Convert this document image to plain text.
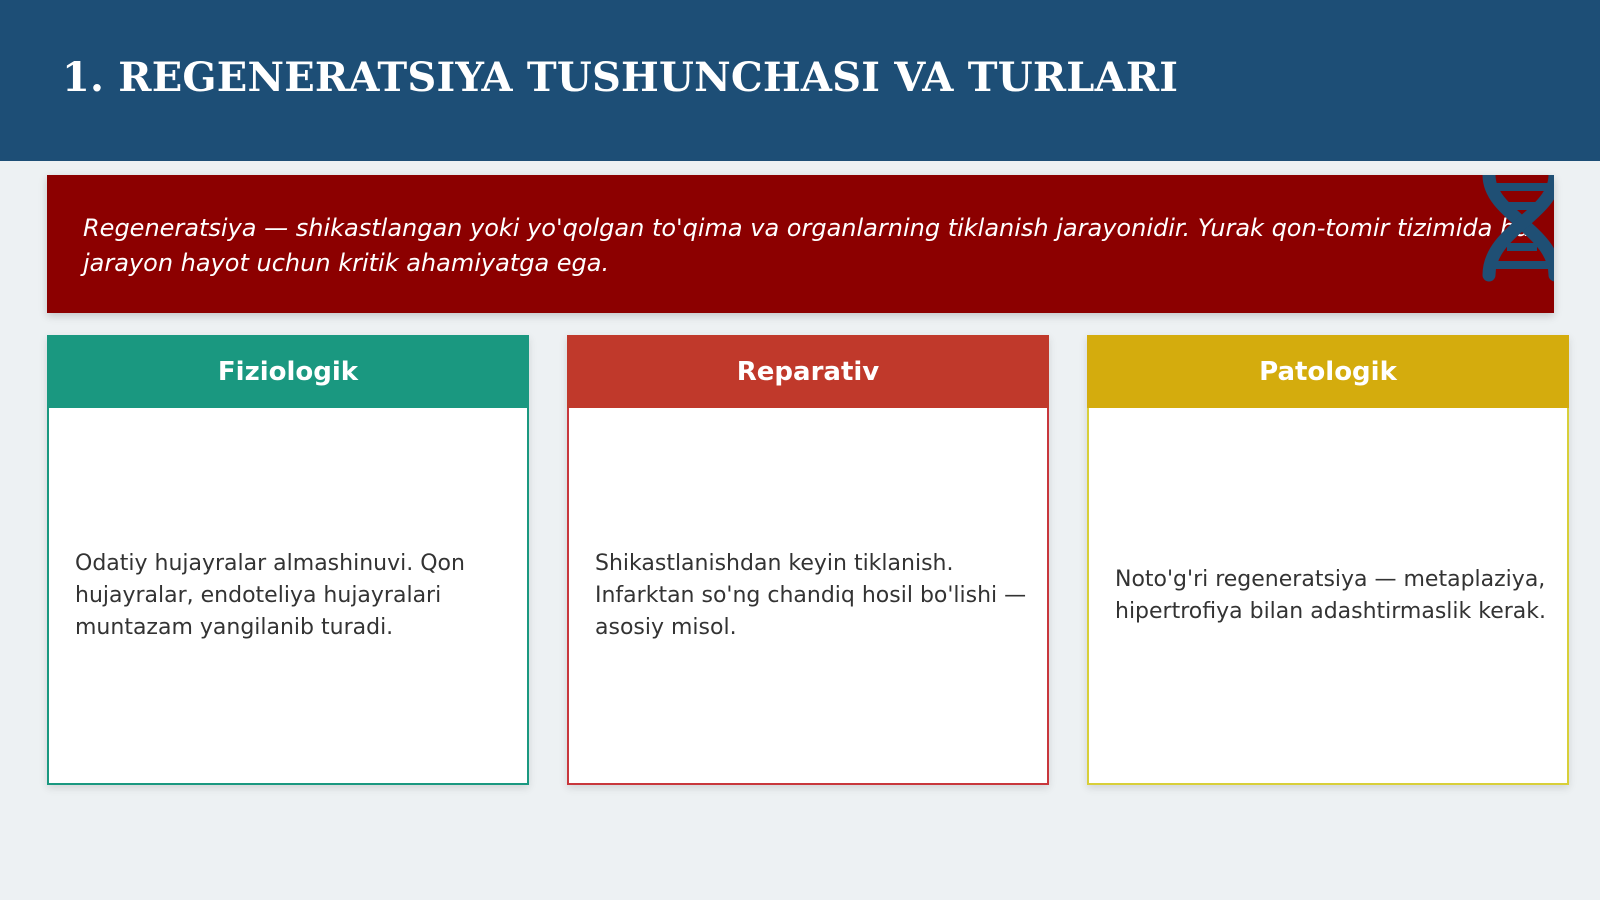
1. REGENERATSIYA TUSHUNCHASI VA TURLARI
Regeneratsiya — shikastlangan yoki yo'qolgan to'qima va organlarning tiklanish jarayonidir. Yurak qon-tomir tizimida bu
jarayon hayot uchun kritik ahamiyatga ega.
Fiziologik
Odatiy hujayralar almashinuvi. Qon
hujayralar, endoteliya hujayralari
muntazam yangilanib turadi.
Reparativ
Shikastlanishdan keyin tiklanish.
Infarktan so'ng chandiq hosil bo'lishi —
asosiy misol.
Patologik
Noto'g'ri regeneratsiya — metaplaziya,
hipertrofiya bilan adashtirmaslik kerak.
